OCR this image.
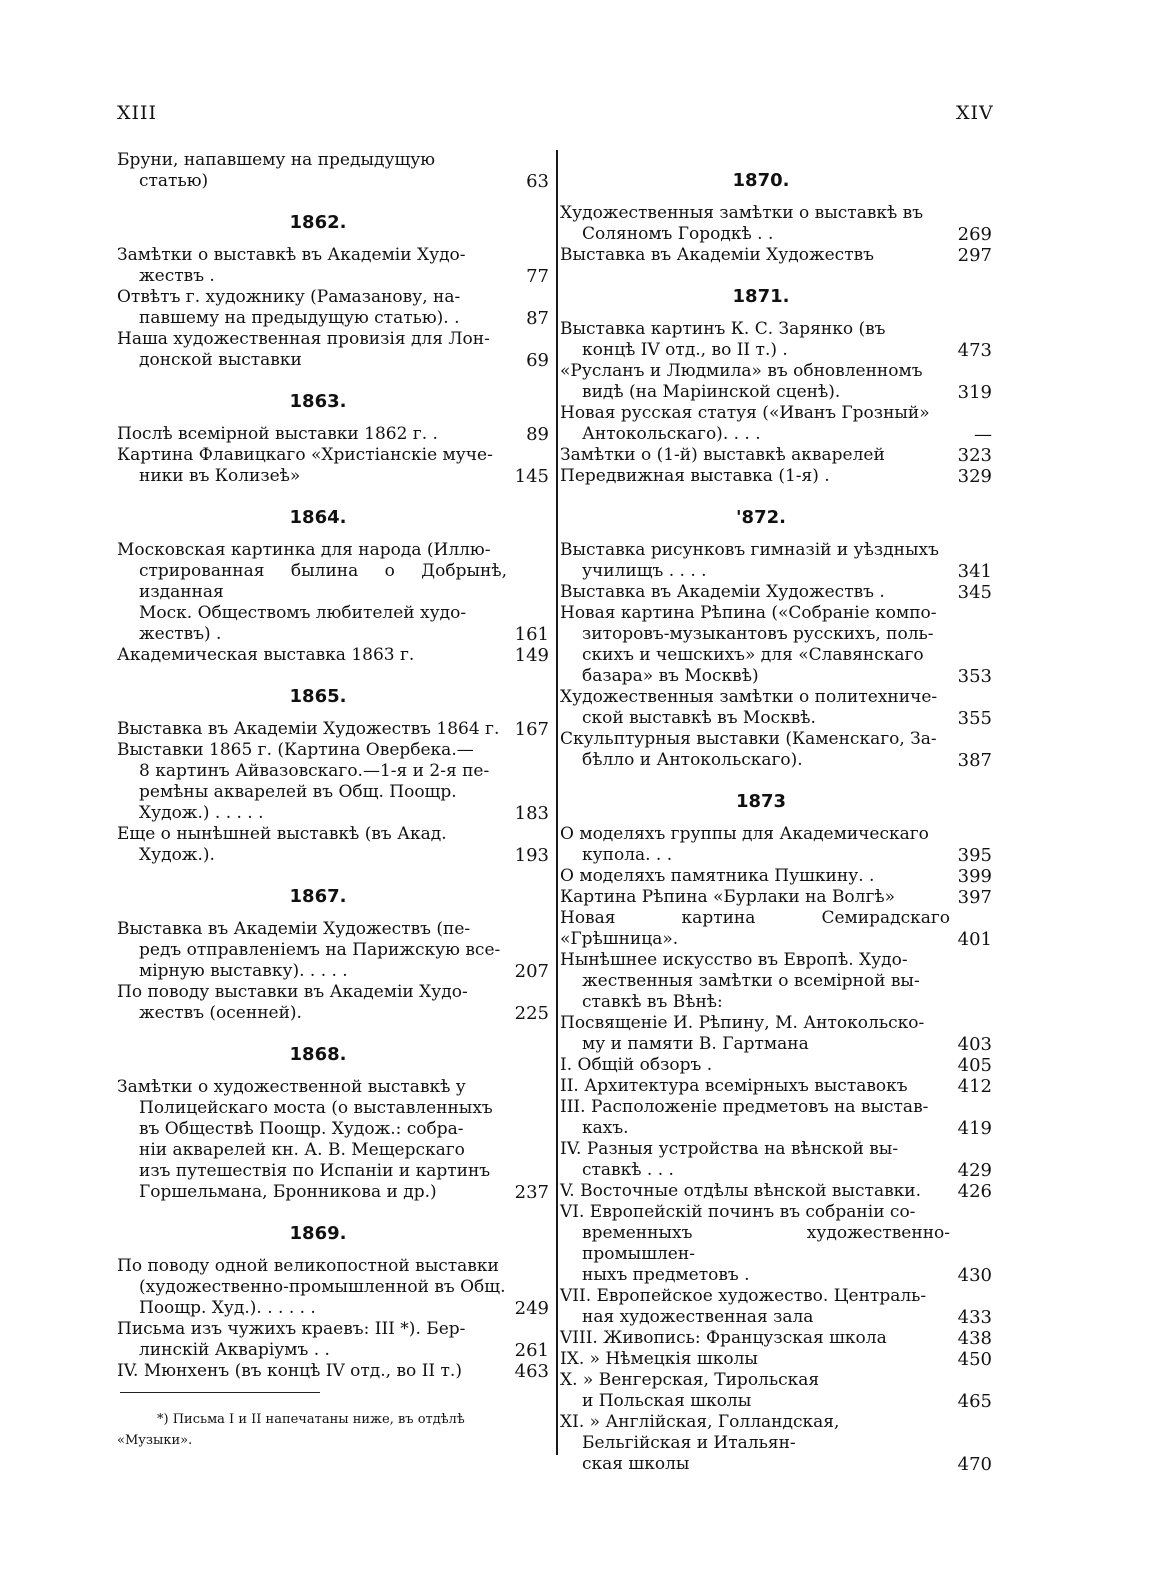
XIII	XIV
Бруни, напавшему на предыдущую
статью)	63
1862.
Замѣтки о выставкѣ въ Академіи Худо-
жествъ .	77
Отвѣтъ г. художнику (Рамазанову, на-
павшему на предыдущую статью). .	87
Наша художественная провизія для Лон-
донской выставки	69
1863.
Послѣ всемірной выставки 1862 г. .	89
Картина Флавицкаго «Христіанскіе муче-
ники въ Колизеѣ»	145
1864.
Московская картинка для народа (Иллю-
стрированная былина о Добрынѣ, изданная
Моск. Обществомъ любителей худо-
жествъ) .	161
Академическая выставка 1863 г.	149
1865.
Выставка въ Академіи Художествъ 1864 г. 167
Выставки 1865 г. (Картина Овербека.—
8 картинъ Айвазовскаго.—1-я и 2-я пе-
ремѣны акварелей въ Общ. Поощр.
Худож.) . . . . .	183
Еще о нынѣшней выставкѣ (въ Акад.
Худож.).	193
1867.
Выставка въ Академіи Художествъ (пе-
редъ отправленіемъ на Парижскую все-
мірную выставку). . . . .	207
По поводу выставки въ Академіи Худо-
жествъ (осенней).	225
1868.
Замѣтки о художественной выставкѣ у
Полицейскаго моста (о выставленныхъ
въ Обществѣ Поощр. Худож.: собра-
ніи акварелей кн. А. В. Мещерскаго
изъ путешествія по Испаніи и картинъ
Горшельмана, Бронникова и др.)	237
1869.
По поводу одной великопостной выставки
(художественно-промышленной въ Общ.
Поощр. Худ.). . . . . .	249
Письма изъ чужихъ краевъ: III *). Бер-
линскій Акваріумъ . .	261
IV. Мюнхенъ (въ концѣ IV отд., во II т.)	463
1870.
Художественныя замѣтки о выставкѣ въ
Соляномъ Городкѣ . .	269
Выставка въ Академіи Художествъ	297
1871.
Выставка картинъ К. С. Зарянко (въ
концѣ IV отд., во II т.) .	473
«Русланъ и Людмила» въ обновленномъ
видѣ (на Маріинской сценѣ).	319
Новая русская статуя («Иванъ Грозный»
Антокольскаго). . . .	—
Замѣтки о (1-й) выставкѣ акварелей	323
Передвижная выставка (1-я) .	329
'872.
Выставка рисунковъ гимназій и уѣздныхъ
училищъ . . . .	341
Выставка въ Академіи Художествъ .	345
Новая картина Рѣпина («Собраніе компо-
зиторовъ-музыкантовъ русскихъ, поль-
скихъ и чешскихъ» для «Славянскаго
базара» въ Москвѣ)	353
Художественныя замѣтки о политехниче-
ской выставкѣ въ Москвѣ.	355
Скульптурныя выставки (Каменскаго, За-
бѣлло и Антокольскаго).	387
1873
О моделяхъ группы для Академическаго
купола. . .	395
О моделяхъ памятника Пушкину. .	399
Картина Рѣпина «Бурлаки на Волгѣ»	397
Новая картина Семирадскаго «Грѣшница».	401
Нынѣшнее искусство въ Европѣ. Худо-
жественныя замѣтки о всемірной вы-
ставкѣ въ Вѣнѣ:
Посвященіе И. Рѣпину, М. Антокольско-
му и памяти В. Гартмана	403
I. Общій обзоръ .	405
II. Архитектура всемірныхъ выставокъ	412
III. Расположеніе предметовъ на выстав-
кахъ.	419
IV. Разныя устройства на вѣнской вы-
ставкѣ . . .	429
V. Восточные отдѣлы вѣнской выставки.	426
VI. Европейскій починъ въ собраніи со-
временныхъ художественно-промышлен-
ныхъ предметовъ .	430
VII. Европейское художество. Централь-
ная художественная зала	433
VIII. Живопись: Французская школа	438
IX. » Нѣмецкія школы	450
X. » Венгерская, Тирольская
и Польская школы	465
XI. » Англійская, Голландская,
Бельгійская и Итальян-
ская школы	470
*) Письма I и II напечатаны ниже, въ отдѣлѣ
«Музыки».
